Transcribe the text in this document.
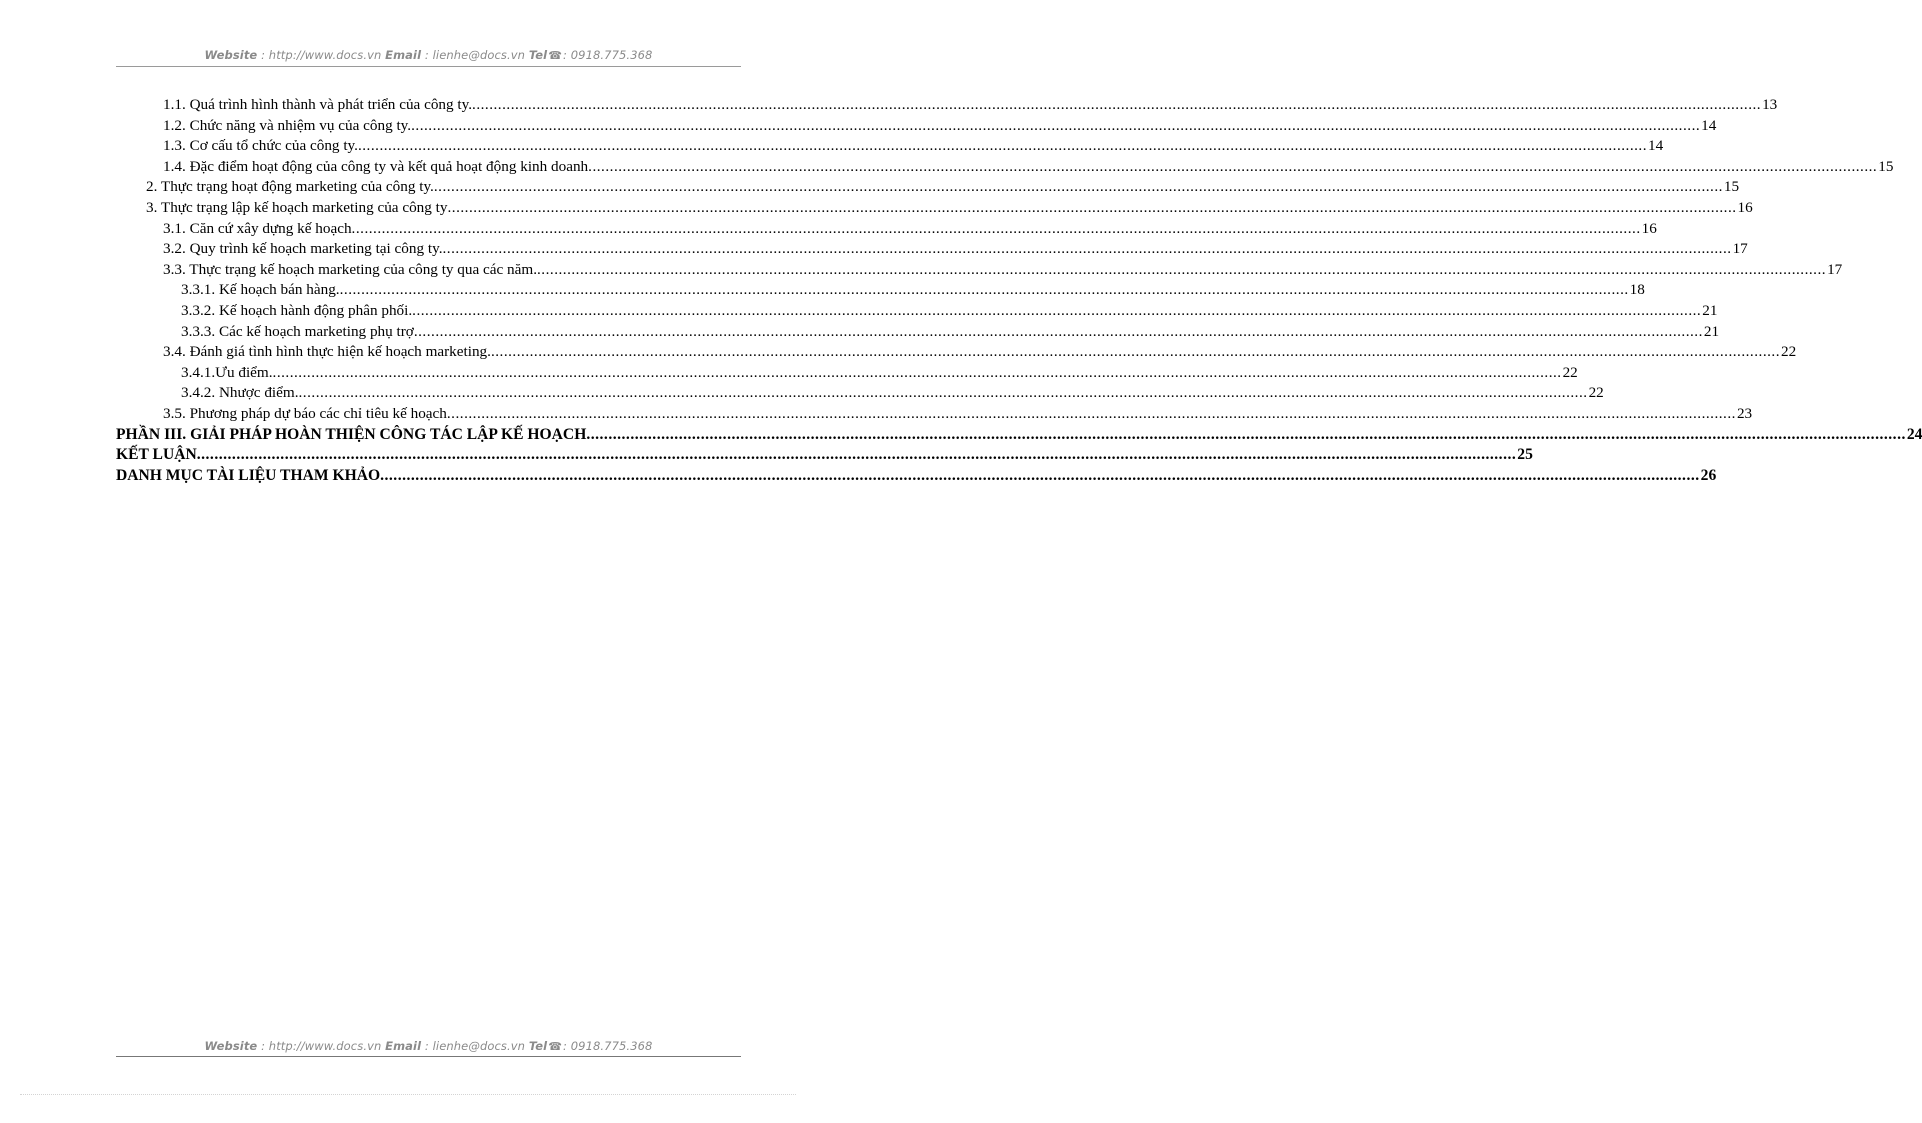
Website : http://www.docs.vn Email : lienhe@docs.vn Tel☎: 0918.775.368
1.1. Quá trình hình thành và phát triển của công ty. ............................................................................................................................................................................................................................................................................................................ 13
1.2. Chức năng và nhiệm vụ của công ty. ............................................................................................................................................................................................................................................................................................................ 14
1.3. Cơ cấu tổ chức của công ty. ............................................................................................................................................................................................................................................................................................................ 14
1.4. Đặc điểm hoạt động của công ty và kết quả hoạt động kinh doanh ............................................................................................................................................................................................................................................................................................................ 15
2. Thực trạng hoạt động marketing của công ty. ............................................................................................................................................................................................................................................................................................................ 15
3. Thực trạng lập kế hoạch marketing của công ty ............................................................................................................................................................................................................................................................................................................ 16
3.1. Căn cứ xây dựng kế hoạch ............................................................................................................................................................................................................................................................................................................ 16
3.2. Quy trình kế hoạch marketing tại công ty. ............................................................................................................................................................................................................................................................................................................ 17
3.3. Thực trạng kế hoạch marketing của công ty qua các năm. ............................................................................................................................................................................................................................................................................................................ 17
3.3.1. Kế hoạch bán hàng. ............................................................................................................................................................................................................................................................................................................ 18
3.3.2. Kế hoạch hành động phân phối. ............................................................................................................................................................................................................................................................................................................ 21
3.3.3. Các kế hoạch marketing phụ trợ ............................................................................................................................................................................................................................................................................................................ 21
3.4. Đánh giá tình hình thực hiện kế hoạch marketing. ............................................................................................................................................................................................................................................................................................................ 22
3.4.1.Ưu điểm. ............................................................................................................................................................................................................................................................................................................ 22
3.4.2. Nhược điểm. ............................................................................................................................................................................................................................................................................................................ 22
3.5. Phương pháp dự báo các chỉ tiêu kế hoạch ............................................................................................................................................................................................................................................................................................................ 23
PHẦN III. GIẢI PHÁP HOÀN THIỆN CÔNG TÁC LẬP KẾ HOẠCH ............................................................................................................................................................................................................................................................................................................ 24
KẾT LUẬN ............................................................................................................................................................................................................................................................................................................ 25
DANH MỤC TÀI LIỆU THAM KHẢO ............................................................................................................................................................................................................................................................................................................ 26
Website : http://www.docs.vn Email : lienhe@docs.vn Tel☎: 0918.775.368
